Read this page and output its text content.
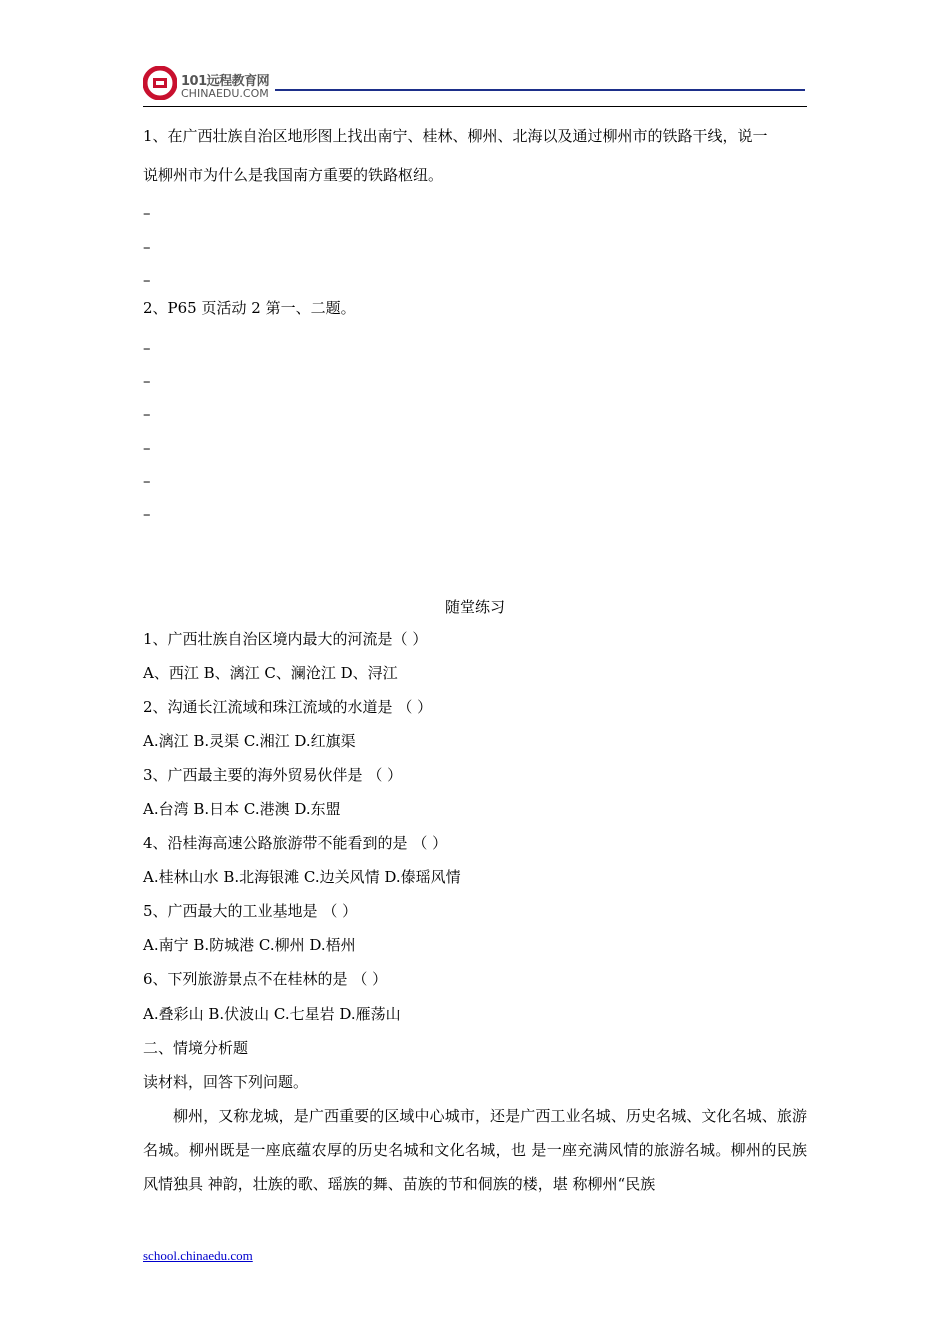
101远程教育网
CHINAEDU.COM
1、在广西壮族自治区地形图上找出南宁、桂林、柳州、北海以及通过柳州市的铁路干线，说一
说柳州市为什么是我国南方重要的铁路枢纽。
–
–
–
2、P65 页活动 2 第一、二题。
–
–
–
–
–
–
随堂练习
1、广西壮族自治区境内最大的河流是（ ）
A、西江 B、漓江 C、澜沧江 D、浔江
2、沟通长江流域和珠江流域的水道是 （ ）
A.漓江 B.灵渠 C.湘江 D.红旗渠
3、广西最主要的海外贸易伙伴是 （ ）
A.台湾 B.日本 C.港澳 D.东盟
4、沿桂海高速公路旅游带不能看到的是 （ ）
A.桂林山水 B.北海银滩 C.边关风情 D.傣瑶风情
5、广西最大的工业基地是 （ ）
A.南宁 B.防城港 C.柳州 D.梧州
6、下列旅游景点不在桂林的是 （ ）
A.叠彩山 B.伏波山 C.七星岩 D.雁荡山
二、情境分析题
读材料，回答下列问题。
柳州，又称龙城，是广西重要的区域中心城市，还是广西工业名城、历史名城、文化名城、旅游名城。柳州既是一座底蕴农厚的历史名城和文化名城，也 是一座充满风情的旅游名城。柳州的民族风情独具 神韵，壮族的歌、瑶族的舞、苗族的节和侗族的楼，堪 称柳州“民族
school.chinaedu.com
